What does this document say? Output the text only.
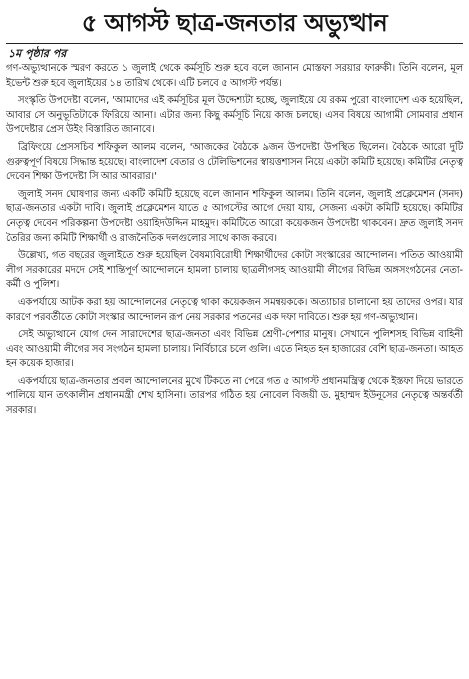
৫ আগস্ট ছাত্র-জনতার অভ্যুত্থান
১ম পৃষ্ঠার পর

গণ-অভ্যুত্থানকে স্মরণ করতে ১ জুলাই থেকে কর্মসূচি শুরু হবে বলে জানান মোস্তফা সরয়ার ফারুকী। তিনি বলেন, মূল ইভেন্ট শুরু হবে জুলাইয়ের ১৪ তারিখ থেকে। এটি চলবে ৫ আগস্ট পর্যন্ত।

সংস্কৃতি উপদেষ্টা বলেন, 'আমাদের এই কর্মসূচির মূল উদ্দেশ্যটা হচ্ছে, জুলাইয়ে যে রকম পুরো বাংলাদেশ এক হয়েছিল, আবার সে অনুভূতিটাকে ফিরিয়ে আনা। এটার জন্য কিছু কর্মসূচি নিয়ে কাজ চলছে। এসব বিষয়ে আগামী সোমবার প্রধান উপদেষ্টার প্রেস উইং বিস্তারিত জানাবে।

ব্রিফিংয়ে প্রেসসচিব শফিকুল আলম বলেন, 'আজকের বৈঠকে ৯জন উপদেষ্টা উপস্থিত ছিলেন। বৈঠকে আরো দুটি গুরুত্বপূর্ণ বিষয়ে সিদ্ধান্ত হয়েছে। বাংলাদেশ বেতার ও টেলিভিশনের স্বায়ত্তশাসন নিয়ে একটা কমিটি হয়েছে। কমিটির নেতৃত্ব দেবেন শিক্ষা উপদেষ্টা সি আর আবরার।'

জুলাই সনদ ঘোষণার জন্য একটি কমিটি হয়েছে বলে জানান শফিকুল আলম। তিনি বলেন, জুলাই প্রক্লেমেশন (সনদ) ছাত্র-জনতার একটা দাবি। জুলাই প্রক্লেমেশন যাতে ৫ আগস্টের আগে দেয়া যায়, সেজন্য একটা কমিটি হয়েছে। কমিটির নেতৃত্ব দেবেন পরিকল্পনা উপদেষ্টা ওয়াহিদউদ্দিন মাহমুদ। কমিটিতে আরো কয়েকজন উপদেষ্টা থাকবেন। দ্রুত জুলাই সনদ তৈরির জন্য কমিটি শিক্ষার্থী ও রাজনৈতিক দলগুলোর সাথে কাজ করবে।

উল্লেখ্য, গত বছরের জুলাইতে শুরু হয়েছিল বৈষম্যবিরোধী শিক্ষার্থীদের কোটা সংস্কারের আন্দোলন। পতিত আওয়ামী লীগ সরকারের মদদে সেই শান্তিপূর্ণ আন্দোলনে হামলা চালায় ছাত্রলীগসহ আওয়ামী লীগের বিভিন্ন অঙ্গসংগঠনের নেতা-কর্মী ও পুলিশ।

একপর্যায়ে আটক করা হয় আন্দোলনের নেতৃত্বে থাকা কয়েকজন সমন্বয়ককে। অত্যাচার চালানো হয় তাদের ওপর। যার কারণে পরবর্তীতে কোটা সংস্কার আন্দোলন রূপ নেয় সরকার পতনের এক দফা দাবিতে। শুরু হয় গণ-অভ্যুত্থান।

সেই অভ্যুত্থানে যোগ দেন সারাদেশের ছাত্র-জনতা এবং বিভিন্ন শ্রেণী-পেশার মানুষ। সেখানে পুলিশসহ বিভিন্ন বাহিনী এবং আওয়ামী লীগের সব সংগঠন হামলা চালায়। নির্বিচারে চলে গুলি। এতে নিহত হন হাজারের বেশি ছাত্র-জনতা। আহত হন কয়েক হাজার।

একপর্যায়ে ছাত্র-জনতার প্রবল আন্দোলনের মুখে টিকতে না পেরে গত ৫ আগস্ট প্রধানমন্ত্রিত্ব থেকে ইস্তফা দিয়ে ভারতে পালিয়ে যান তৎকালীন প্রধানমন্ত্রী শেখ হাসিনা। তারপর গঠিত হয় নোবেল বিজয়ী ড. মুহাম্মদ ইউনূসের নেতৃত্বে অন্তর্বর্তী সরকার।
